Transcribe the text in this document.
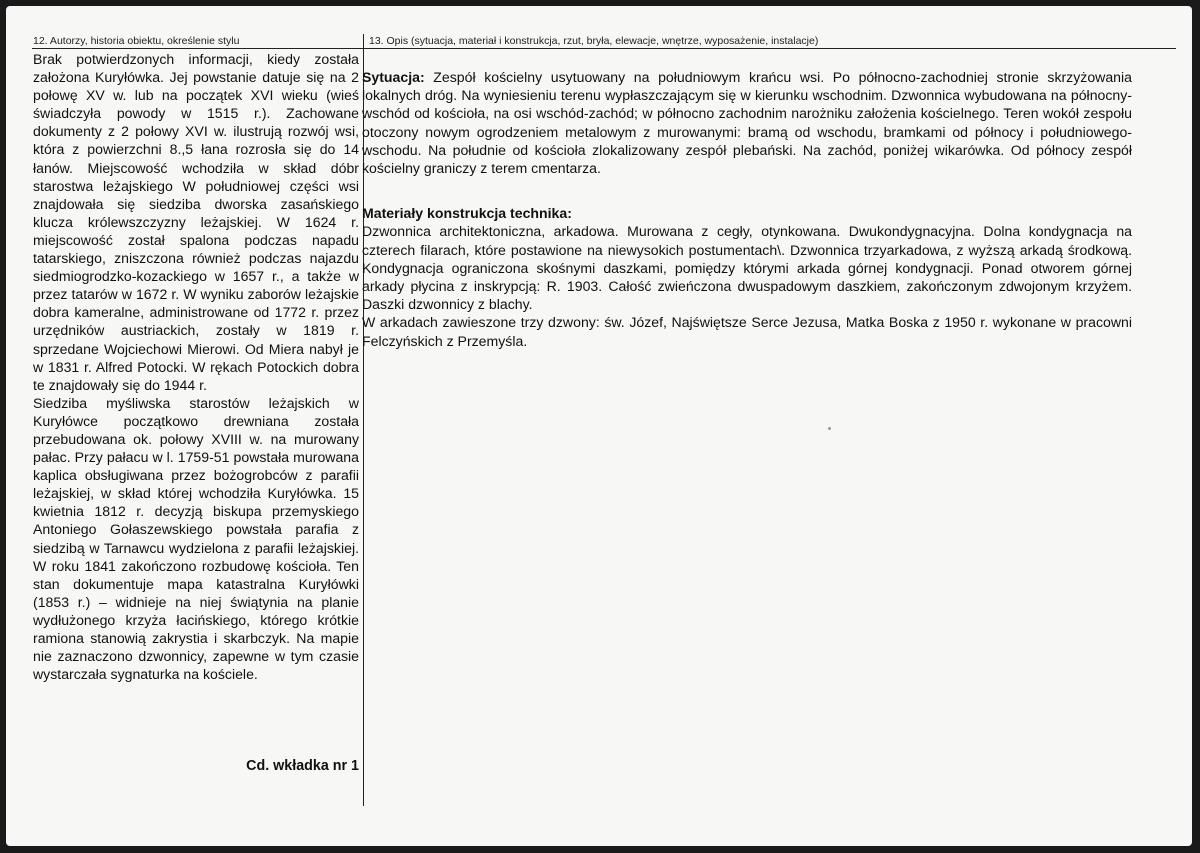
12. Autorzy, historia obiektu, określenie stylu	13. Opis (sytuacja, materiał i konstrukcja, rzut, bryła, elewacje, wnętrze, wyposażenie, instalacje)

Brak potwierdzonych informacji, kiedy została założona Kuryłówka. Jej powstanie datuje się na 2 połowę XV w. lub na początek XVI wieku (wieś świadczyła powody w 1515 r.). Zachowane dokumenty z 2 połowy XVI w. ilustrują rozwój wsi, która z powierzchni 8.,5 łana rozrosła się do 14 łanów. Miejscowość wchodziła w skład dóbr starostwa leżajskiego W południowej części wsi znajdowała się siedziba dworska zasańskiego klucza królewszczyzny leżajskiej. W 1624 r. miejscowość został spalona podczas napadu tatarskiego, zniszczona również podczas najazdu siedmiogrodzko-kozackiego w 1657 r., a także w przez tatarów w 1672 r. W wyniku zaborów leżajskie dobra kameralne, administrowane od 1772 r. przez urzędników austriackich, zostały w 1819 r. sprzedane Wojciechowi Mierowi. Od Miera nabył je w 1831 r. Alfred Potocki. W rękach Potockich dobra te znajdowały się do 1944 r.

Siedziba myśliwska starostów leżajskich w Kuryłówce początkowo drewniana została przebudowana ok. połowy XVIII w. na murowany pałac. Przy pałacu w l. 1759-51 powstała murowana kaplica obsługiwana przez bożogrobców z parafii leżajskiej, w skład której wchodziła Kuryłówka. 15 kwietnia 1812 r. decyzją biskupa przemyskiego Antoniego Gołaszewskiego powstała parafia z siedzibą w Tarnawcu wydzielona z parafii leżajskiej. W roku 1841 zakończono rozbudowę kościoła. Ten stan dokumentuje mapa katastralna Kuryłówki (1853 r.) – widnieje na niej świątynia na planie wydłużonego krzyża łacińskiego, którego krótkie ramiona stanowią zakrystia i skarbczyk. Na mapie nie zaznaczono dzwonnicy, zapewne w tym czasie wystarczała sygnaturka na kościele.

Cd. wkładka nr 1

Sytuacja: Zespół kościelny usytuowany na południowym krańcu wsi. Po północno-zachodniej stronie skrzyżowania lokalnych dróg. Na wyniesieniu terenu wypłaszczającym się w kierunku wschodnim. Dzwonnica wybudowana na północny-wschód od kościoła, na osi wschód-zachód; w północno zachodnim narożniku założenia kościelnego. Teren wokół zespołu otoczony nowym ogrodzeniem metalowym z murowanymi: bramą od wschodu, bramkami od północy i południowego-wschodu. Na południe od kościoła zlokalizowany zespół plebański. Na zachód, poniżej wikarówka. Od północy zespół kościelny graniczy z terem cmentarza.

Materiały konstrukcja technika:

Dzwonnica architektoniczna, arkadowa. Murowana z cegły, otynkowana. Dwukondygnacyjna. Dolna kondygnacja na czterech filarach, które postawione na niewysokich postumentach\. Dzwonnica trzyarkadowa, z wyższą arkadą środkową. Kondygnacja ograniczona skośnymi daszkami, pomiędzy którymi arkada górnej kondygnacji. Ponad otworem górnej arkady płycina z inskrypcją: R. 1903. Całość zwieńczona dwuspadowym daszkiem, zakończonym zdwojonym krzyżem. Daszki dzwonnicy z blachy.

W arkadach zawieszone trzy dzwony: św. Józef, Najświętsze Serce Jezusa, Matka Boska z 1950 r. wykonane w pracowni Felczyńskich z Przemyśla.
